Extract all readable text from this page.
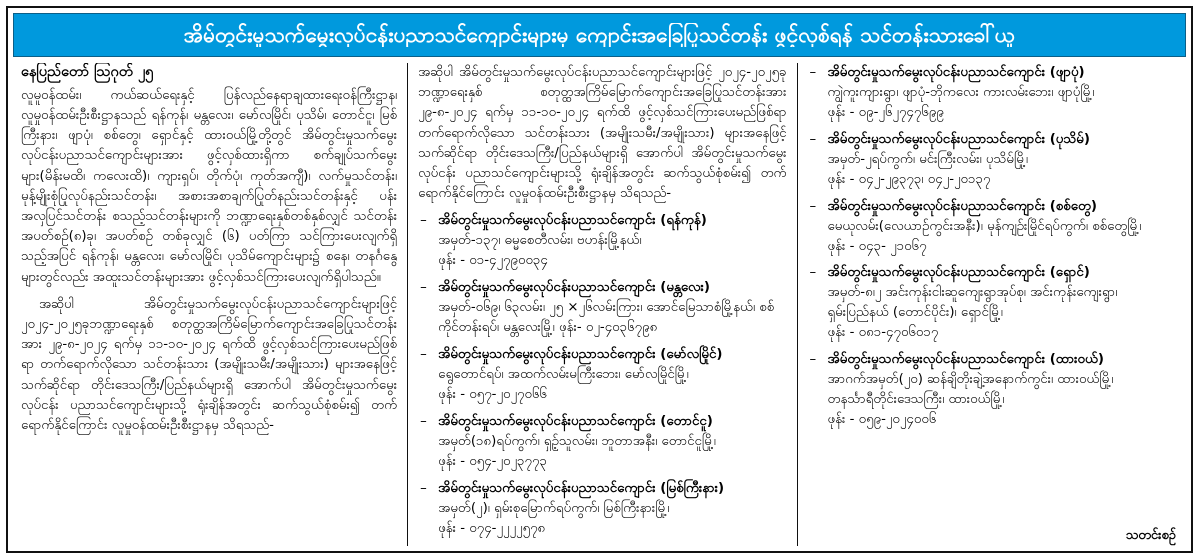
အိမ်တွင်းမှုသက်မွေးလုပ်ငန်းပညာသင်ကျောင်းများမှ ကျောင်းအခြေပြုသင်တန်း ဖွင့်လှစ်ရန် သင်တန်းသားခေါ်ယူ
နေပြည်တော် ဩဂုတ် ၂၅

လူမူဝန်ထမ်း၊ ကယ်ဆယ်ရေးနှင့် ပြန်လည်နေရာချထားရေးဝန်ကြီးဋ္ဌာန၊ လူမှုဝန်ထမ်းဦးစီးဋ္ဌာနသည် ရန်ကုန်၊ မန္တလေး၊ မော်လမြိုင်၊ ပုသိမ်၊ တောင်ငူ၊ မြစ်ကြီးနား၊ ဖျာပုံ၊ စစ်တွေ၊ ရှောင်နှင့် ထားဝယ်မြို့တို့တွင် အိမ်တွင်းမှုသက်မွေးလုပ်ငန်းပညာသင်ကျောင်းများအား ဖွင့်လှစ်ထားရှိကာ စက်ချုပ်သက်မွေးများ(မိန်းမထိ၊ ကလေးထိ)၊ ကျားရှပ်၊ တိုက်ပုံ၊ ကုတ်အကျီ)၊ လက်မှုသင်တန်း၊ မုန့်မျိုးစုံပြုလုပ်နည်းသင်တန်း၊ အစားအစာချက်ပြုတ်နည်းသင်တန်းနှင့် ပန်းအလှပြင်သင်တန်း စသည့်သင်တန်းများကို ဘဏ္ဍာရေးနှစ်တစ်နှစ်လျှင် သင်တန်းအပတ်စဉ်(၈)ခု၊ အပတ်စဉ် တစ်ခုလျှင် (၆) ပတ်ကြာ သင်ကြားပေးလျက်ရှိသည့်အပြင် ရန်ကုန်၊ မန္တလေး၊ မော်လမြိုင်၊ ပုသိမ်ကျောင်းများ၌ စနေ၊ တနင်္ဂနွေများတွင်လည်း အထူးသင်တန်းများအား ဖွင့်လှစ်သင်ကြားပေးလျက်ရှိပါသည်။

အဆိုပါ အိမ်တွင်းမှုသက်မွေးလုပ်ငန်းပညာသင်ကျောင်းများဖြင့် ၂၀၂၄-၂၀၂၅ခုဘဏ္ဍာရေးနှစ် စတုတ္ထအကြိမ်မြောက်ကျောင်းအခြေပြုသင်တန်းအား ၂၉-၈-၂၀၂၄ ရက်မှ ၁၁-၁၀-၂၀၂၄ ရက်ထိ ဖွင့်လှစ်သင်ကြားပေးမည်ဖြစ်ရာ တက်ရောက်လိုသော သင်တန်းသား (အမျိုးသမီး/အမျိုးသား) များအနေဖြင့် သက်ဆိုင်ရာ တိုင်းဒေသကြီး/ပြည်နယ်များရှိ အောက်ပါ အိမ်တွင်းမှုသက်မွေးလုပ်ငန်း ပညာသင်ကျောင်းများသို့ ရုံးချိန်အတွင်း ဆက်သွယ်စုံစမ်း၍ တက်ရောက်နိုင်ကြောင်း လူမှုဝန်ထမ်းဦးစီးဋ္ဌာနမှ သိရသည်-

အဆိုပါ အိမ်တွင်းမှုသက်မွေးလုပ်ငန်းပညာသင်ကျောင်းများဖြင့် ၂၀၂၄-၂၀၂၅ခုဘဏ္ဍာရေးနှစ် စတုတ္ထအကြိမ်မြောက်ကျောင်းအခြေပြုသင်တန်းအား ၂၉-၈-၂၀၂၄ ရက်မှ ၁၁-၁၀-၂၀၂၄ ရက်ထိ ဖွင့်လှစ်သင်ကြားပေးမည်ဖြစ်ရာ တက်ရောက်လိုသော သင်တန်းသား (အမျိုးသမီး/အမျိုးသား) များအနေဖြင့် သက်ဆိုင်ရာ တိုင်းဒေသကြီး/ပြည်နယ်များရှိ အောက်ပါ အိမ်တွင်းမှုသက်မွေးလုပ်ငန်း ပညာသင်ကျောင်းများသို့ ရုံးချိန်အတွင်း ဆက်သွယ်စုံစမ်း၍ တက်ရောက်နိုင်ကြောင်း လူမှုဝန်ထမ်းဦးစီးဋ္ဌာနမှ သိရသည်-

– အိမ်တွင်းမှုသက်မွေးလုပ်ငန်းပညာသင်ကျောင်း (ရန်ကုန်)
အမှတ်-၁၃၇၊ ဓမ္မစေတီလမ်း၊ ဗဟန်းမြို့နယ်၊
ဖုန်း - ၀၁-၄၂၇၉၀၀၃၄
– အိမ်တွင်းမှုသက်မွေးလုပ်ငန်းပညာသင်ကျောင်း (မန္တလေး)
အမှတ်-၀၆၉၊ ၆၃လမ်း၊ ၂၅ ×၂၆လမ်းကြား၊ အောင်မြေသာစံမြို့နယ်၊ စစ်ကိုင်တန်းရပ်၊ မန္တလေးမြို့၊ ဖုန်း- ၀၂-၄၀၃၆၇၉၈
– အိမ်တွင်းမှုသက်မွေးလုပ်ငန်းပညာသင်ကျောင်း (မော်လမြိုင်)
ရွေတောင်ရပ်၊ အထက်လမ်းမကြီးဘေး၊ မော်လမြိုင်မြို့၊
ဖုန်း - ၀၅၇-၂၀၂၇၀၆၆
– အိမ်တွင်းမှုသက်မွေးလုပ်ငန်းပညာသင်ကျောင်း (တောင်ငူ)
အမှတ်(၁၈)ရပ်ကွက်၊ ရှဉ့်သူလမ်း၊ ဘူတာအနီး၊ တောင်ငူမြို့၊
ဖုန်း - ၀၅၄-၂၀၂၃၇၇၃
– အိမ်တွင်းမှုသက်မွေးလုပ်ငန်းပညာသင်ကျောင်း (မြစ်ကြီးနား)
အမှတ်(၂)၊ ရှမ်းစုမြောက်ရပ်ကွက်၊ မြစ်ကြီးနားမြို့၊
ဖုန်း - ၀၇၄-၂၂၂၂၅၇၈
– အိမ်တွင်းမှုသက်မွေးလုပ်ငန်းပညာသင်ကျောင်း (ဖျာပုံ)
ကျွဲကူးကျားရွာ၊ ဖျာပုံ-ဘိုကလေး ကားလမ်းဘေး၊ ဖျာပုံမြို့၊
ဖုန်း - ၀၉-၂၆၂၇၄၇၆၉၉
– အိမ်တွင်းမှုသက်မွေးလုပ်ငန်းပညာသင်ကျောင်း (ပုသိမ်)
အမှတ်-၂ရပ်ကွက်၊ မင်းကြီးလမ်း၊ ပုသိမ်မြို့၊
ဖုန်း - ၀၄၂-၂၉၃၇၃၊ ၀၄၂-၂၀၁၃၇
– အိမ်တွင်းမှုသက်မွေးလုပ်ငန်းပညာသင်ကျောင်း (စစ်တွေ)
မေယုလမ်း(လေယာဉ်ကွင်းအနီး)၊ မုန်ကျဉ်းမြိုင်ရပ်ကွက်၊ စစ်တွေမြို့၊
ဖုန်း - ၀၄၃- ၂၁၀၆၇
– အိမ်တွင်းမှုသက်မွေးလုပ်ငန်းပညာသင်ကျောင်း (ရှောင်)
အမှတ်-၈၊၂ အင်းကုန်းငါးဆူကျေးရွာအုပ်စု၊ အင်းကုန်းကျေးရွာ၊ ရှမ်းပြည်နယ် (တောင်ပိုင်း)၊ ရှောင်မြို့၊
ဖုန်း - ၀၈၁-၄၇၀၆၀၁၇
– အိမ်တွင်းမှုသက်မွေးလုပ်ငန်းပညာသင်ကျောင်း (ထားဝယ်)
အာဂက်အမှတ်(၂၀) ဆန်ချိတိုးချဲ့အနောက်ကွင်း၊ ထားဝယ်မြို့၊ တနင်္သာရီတိုင်းဒေသကြီး၊ ထားဝယ်မြို့၊
ဖုန်း - ၀၅၉-၂၀၂၄၀၀၆
သတင်းစဉ်
